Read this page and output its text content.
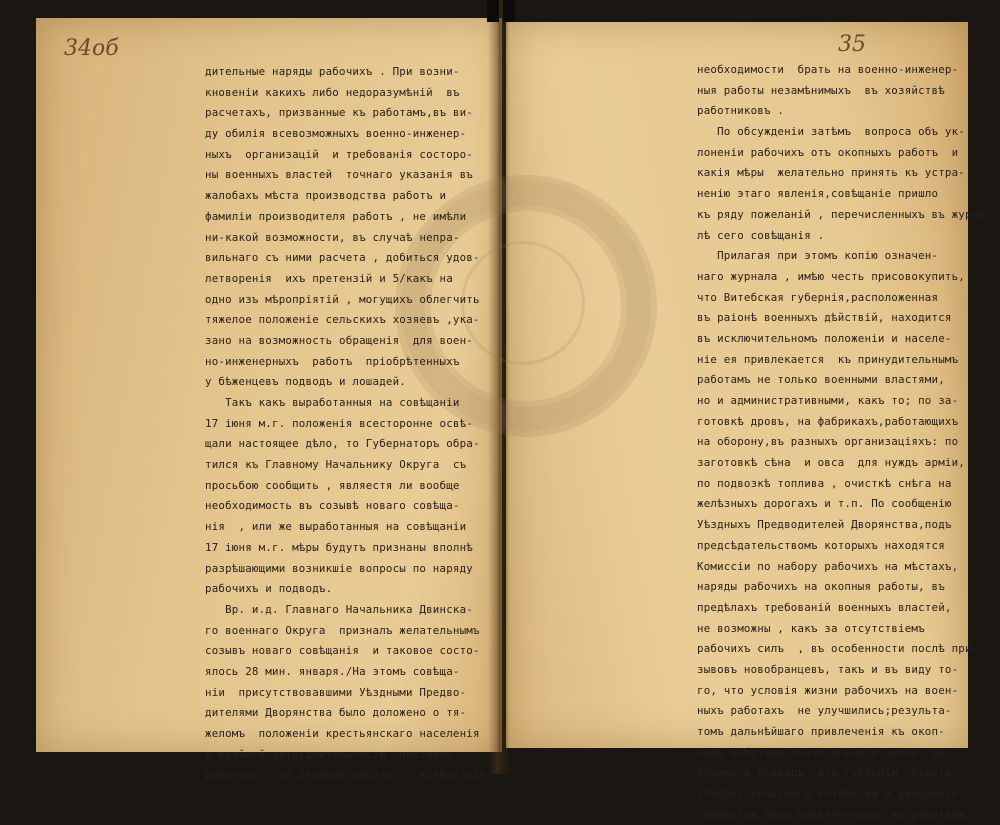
34об	35
дительные наряды рабочихъ . При возни-
кновенiи какихъ либо недоразумѣнiй  въ
расчетахъ, призванные къ работамъ,въ ви-
ду обилiя всевозможныхъ военно-инженер-
ныхъ  организацiй  и требованiя состоро-
ны военныхъ властей  точнаго указанiя въ
жалобахъ мѣста производства работъ и
фамилiи производителя работъ , не имѣли
ни-какой возможности, въ случаѣ непра-
вильнаго съ ними расчета , добиться удов-
летворенiя  ихъ претензiй и 5/какъ на
одно изъ мѣропрiятiй , могущихъ облегчить
тяжелое положенiе сельскихъ хозяевъ ,ука-
зано на возможность обращенiя  для воен-
но-инженерныхъ  работъ  прiобрѣтенныхъ
у бѣженцевъ подводъ и лошадей.
Такъ какъ выработанныя на совѣщанiи
17 iюня м.г. положенiя всесторонне освѣ-
щали настоящее дѣло, то Губернаторъ обра-
тился къ Главному Начальнику Округа  съ
просьбою сообщить , являестя ли вообще
необходимость въ созывѣ новаго совѣща-
нiя  , или же выработанныя на совѣщанiи
17 iюня м.г. мѣры будутъ признаны вполнѣ
разрѣшающими возникшiе вопросы по наряду
рабочихъ и подводъ.
Вр. и.д. Главнаго Начальника Двинска-
го военнаго Округа  призналъ желательнымъ
созывъ новаго совѣщанiя  и таковое состо-
ялось 28 мин. января./На этомъ совѣща-
нiи  присутствовавшими Уѣздными Предво-
дителями Дворянства было доложено о тя-
желомъ  положенiи крестьянскаго населенiя
и крайней затруднительности  поставки
рабочихъ   на окопныя работы  , вслѣдствiе
необходимости  брать на военно-инженер-
ныя работы незамѣнимыхъ  въ хозяйствѣ
работниковъ .
По обсужденiи затѣмъ  вопроса объ ук-
лоненiи рабочихъ отъ окопныхъ работъ  и
какiя мѣры  желательно принять къ устра-
ненiю этаго явленiя,совѣщанiе пришло
къ ряду пожеланiй , перечисленныхъ въ журна-
лѣ сего совѣщанiя .
Прилагая при этомъ копiю означен-
наго журнала , имѣю честь присовокупить,
что Витебская губернiя,расположенная
въ раiонѣ военныхъ дѣйствiй, находится
въ исключительномъ положенiи и населе-
нiе ея привлекается  къ принудительнымъ
работамъ не только военными властями,
но и административными, какъ то; по за-
готовкѣ дровъ, на фабрикахъ,работающихъ
на оборону,въ разныхъ организацiяхъ: по
заготовкѣ сѣна  и овса  для нуждъ армiи,
по подвозкѣ топлива , очисткѣ снѣга на
желѣзныхъ дорогахъ и т.п. По сообщенiю
Уѣздныхъ Предводителей Дворянства,подъ
предсѣдательствомъ которыхъ находятся
Комиссiи по наборy рабочихъ на мѣстахъ,
наряды рабочихъ на окопныя работы, въ
предѣлахъ требованiй военныхъ властей,
не возможны , какъ за отсутствiемъ
рабочихъ силъ  , въ особенности послѣ при-
зывовъ новобранцевъ, такъ и въ виду то-
го, что условiя жизни рабочихъ на воен-
ныхъ работахъ  не улучшились;результа-
томъ дальнѣйшаго привлеченiя къ окоп-
нымъ работамъ значительнаго числа  ра-
бочихъ и подводъ  изъ губернiи  будетъ
упадокъ сельскаго хозяйства и разоренiе
семействъ,лицъ,привлеченныхъ къ работамъ.
